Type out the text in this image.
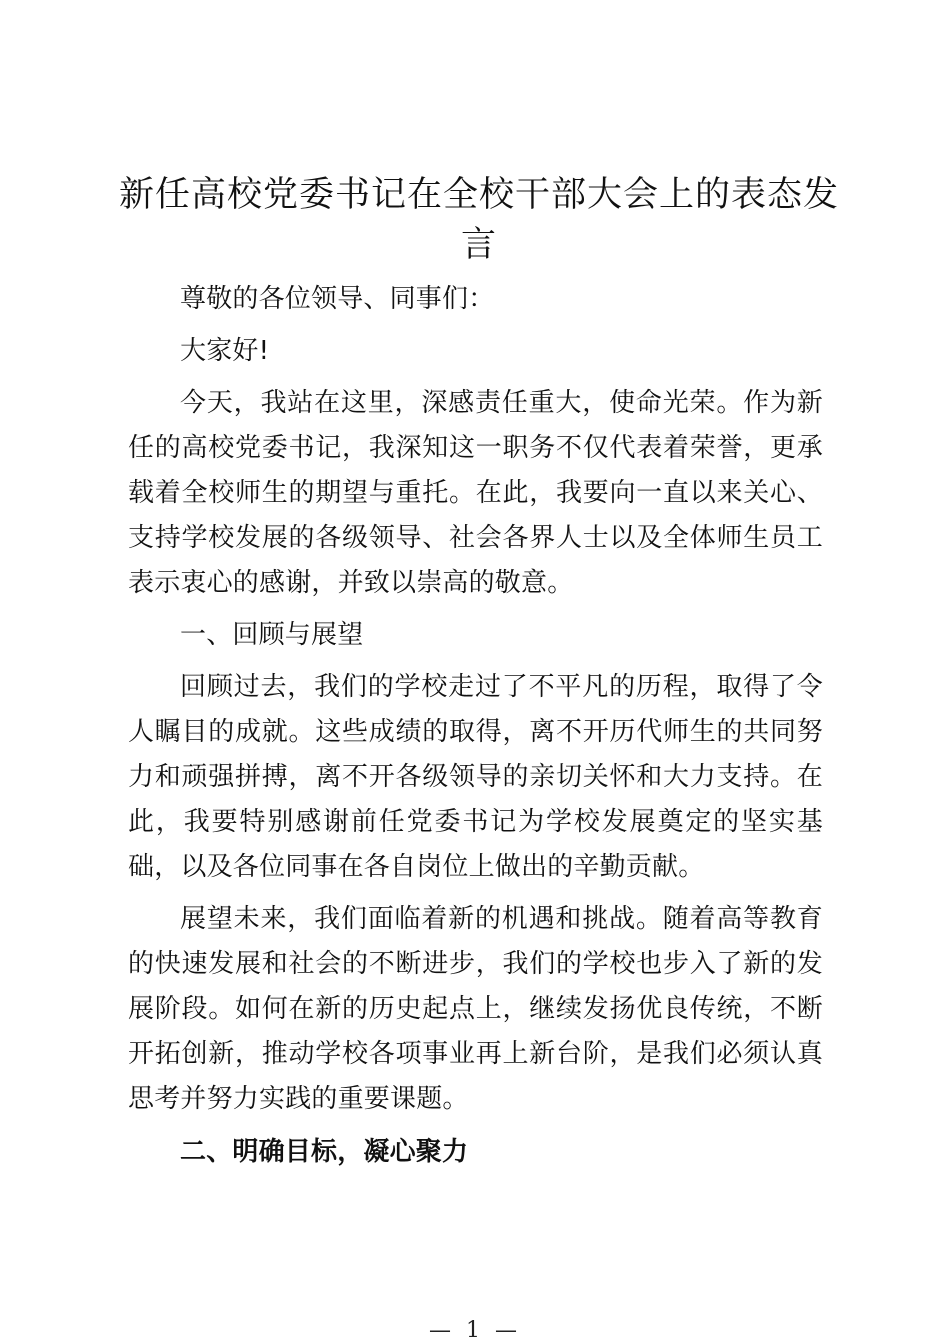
新任高校党委书记在全校干部大会上的表态发言

尊敬的各位领导、同事们：

大家好!

今天，我站在这里，深感责任重大，使命光荣。作为新任的高校党委书记，我深知这一职务不仅代表着荣誉，更承载着全校师生的期望与重托。在此，我要向一直以来关心、支持学校发展的各级领导、社会各界人士以及全体师生员工表示衷心的感谢，并致以崇高的敬意。

一、回顾与展望

回顾过去，我们的学校走过了不平凡的历程，取得了令人瞩目的成就。这些成绩的取得，离不开历代师生的共同努力和顽强拼搏，离不开各级领导的亲切关怀和大力支持。在此，我要特别感谢前任党委书记为学校发展奠定的坚实基础，以及各位同事在各自岗位上做出的辛勤贡献。

展望未来，我们面临着新的机遇和挑战。随着高等教育的快速发展和社会的不断进步，我们的学校也步入了新的发展阶段。如何在新的历史起点上，继续发扬优良传统，不断开拓创新，推动学校各项事业再上新台阶，是我们必须认真思考并努力实践的重要课题。

二、明确目标，凝心聚力

— 1 —
